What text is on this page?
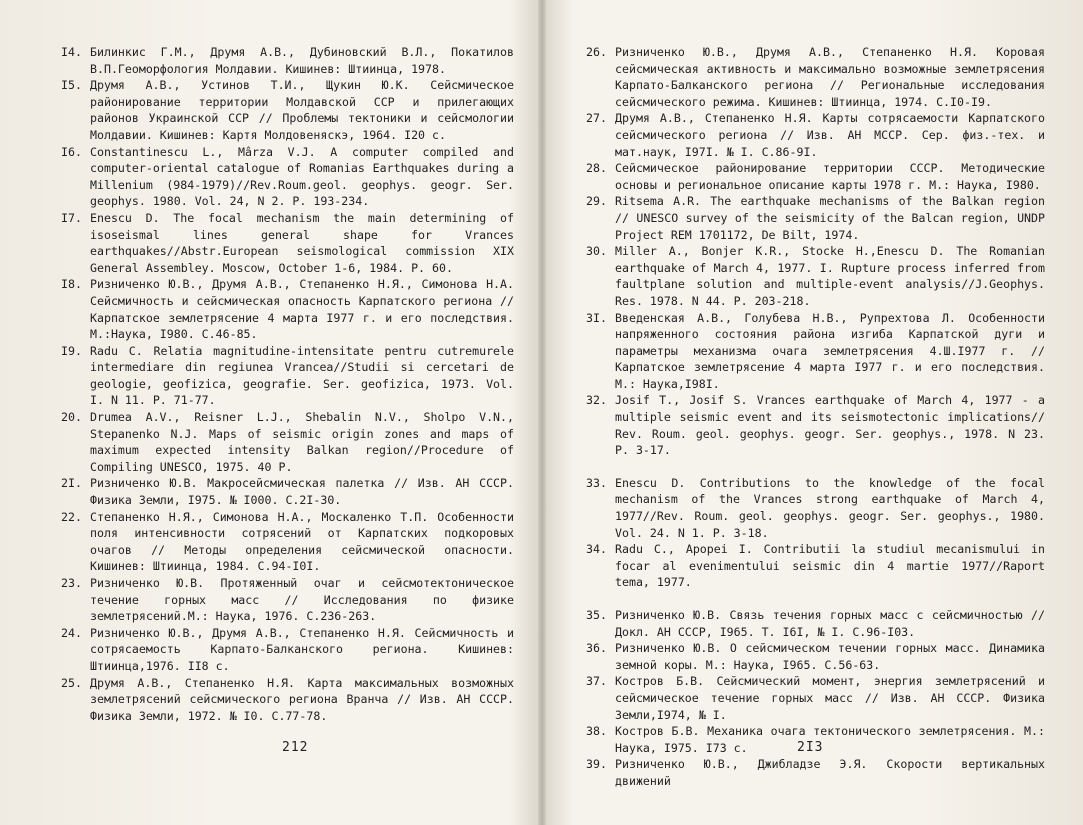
I4. Билинкис Г.М., Друмя А.В., Дубиновский В.Л., Покатилов В.П.Геоморфология Молдавии. Кишинев: Штиинца, 1978.
I5. Друмя А.В., Устинов Т.И., Щукин Ю.К. Сейсмическое районирование территории Молдавской ССР и прилегающих районов Украинской ССР // Проблемы тектоники и сейсмологии Молдавии. Кишинев: Картя Молдовеняскэ, 1964. I20 с.
I6. Constantinescu L., Mârza V.J. A computer compiled and computer-oriental catalogue of Romanias Earthquakes during a Millenium (984-1979)//Rev.Roum.geol. geophys. geogr. Ser. geophys. 1980. Vol. 24, N 2. P. 193-234.
I7. Enescu D. The focal mechanism the main determining of isoseismal lines general shape for Vrances earthquakes//Abstr.European seismological commission XIX General Assembley. Moscow, October 1-6, 1984. P. 60.
I8. Ризниченко Ю.В., Друмя А.В., Степаненко Н.Я., Симонова Н.А. Сейсмичность и сейсмическая опасность Карпатского региона // Карпатское землетрясение 4 марта I977 г. и его последствия. М.:Наука, I980. С.46-85.
I9. Radu C. Relatia magnitudine-intensitate pentru cutremurele intermediare din regiunea Vrancea//Studii si cercetari de geologie, geofizica, geografie. Ser. geofizica, 1973. Vol. I. N 11. P. 71-77.
20. Drumea A.V., Reisner L.J., Shebalin N.V., Sholpo V.N., Stepanenko N.J. Maps of seismic origin zones and maps of maximum expected intensity Balkan region//Procedure of Compiling UNESCO, 1975. 40 P.
2I. Ризниченко Ю.В. Макросейсмическая палетка // Изв. АН СССР. Физика Земли, I975. № I000. С.2I-30.
22. Степаненко Н.Я., Симонова Н.А., Москаленко Т.П. Особенности поля интенсивности сотрясений от Карпатских подкоровых очагов // Методы определения сейсмической опасности. Кишинев: Штиинца, 1984. С.94-I0I.
23. Ризниченко Ю.В. Протяженный очаг и сейсмотектоническое течение горных масс // Исследования по физике землетрясений.М.: Наука, 1976. С.236-263.
24. Ризниченко Ю.В., Друмя А.В., Степаненко Н.Я. Сейсмичность и сотрясаемость Карпато-Балканского региона. Кишинев: Штиинца,1976. II8 с.
25. Друмя А.В., Степаненко Н.Я. Карта максимальных возможных землетрясений сейсмического региона Вранча // Изв. АН СССР. Физика Земли, 1972. № I0. С.77-78.
212
26. Ризниченко Ю.В., Друмя А.В., Степаненко Н.Я. Коровая сейсмическая активность и максимально возможные землетрясения Карпато-Балканского региона // Региональные исследования сейсмического режима. Кишинев: Штиинца, 1974. С.I0-I9.
27. Друмя А.В., Степаненко Н.Я. Карты сотрясаемости Карпатского сейсмического региона // Изв. АН МССР. Сер. физ.-тех. и мат.наук, I97I. № I. С.86-9I.
28. Сейсмическое районирование территории СССР. Методические основы и региональное описание карты 1978 г. М.: Наука, I980.
29. Ritsema A.R. The earthquake mechanisms of the Balkan region // UNESCO survey of the seismicity of the Balcan region, UNDP Project REM 1701172, De Bilt, 1974.
30. Miller A., Bonjer K.R., Stocke H.,Enescu D. The Romanian earthquake of March 4, 1977. I. Rupture process inferred from faultplane solution and multiple-event analysis//J.Geophys. Res. 1978. N 44. P. 203-218.
3I. Введенская А.В., Голубева Н.В., Рупрехтова Л. Особенности напряженного состояния района изгиба Карпатской дуги и параметры механизма очага землетрясения 4.Ш.I977 г. // Карпатское землетрясение 4 марта I977 г. и его последствия. М.: Наука,I98I.
32. Josif T., Josif S. Vrances earthquake of March 4, 1977 - a multiple seismic event and its seismotectonic implications// Rev. Roum. geol. geophys. geogr. Ser. geophys., 1978. N 23. P. 3-17.
33. Enescu D. Contributions to the knowledge of the focal mechanism of the Vrances strong earthquake of March 4, 1977//Rev. Roum. geol. geophys. geogr. Ser. geophys., 1980. Vol. 24. N 1. P. 3-18.
34. Radu C., Apopei I. Contributii la studiul mecanismului in focar al evenimentului seismic din 4 martie 1977//Raport tema, 1977.
35. Ризниченко Ю.В. Связь течения горных масс с сейсмичностью // Докл. АН СССР, I965. Т. I6I, № I. С.96-I03.
36. Ризниченко Ю.В. О сейсмическом течении горных масс. Динамика земной коры. М.: Наука, I965. С.56-63.
37. Костров Б.В. Сейсмический момент, энергия землетрясений и сейсмическое течение горных масс // Изв. АН СССР. Физика Земли,I974, № I.
38. Костров Б.В. Механика очага тектонического землетрясения. М.: Наука, I975. I73 с.
39. Ризниченко Ю.В., Джибладзе Э.Я. Скорости вертикальных движений
2I3
